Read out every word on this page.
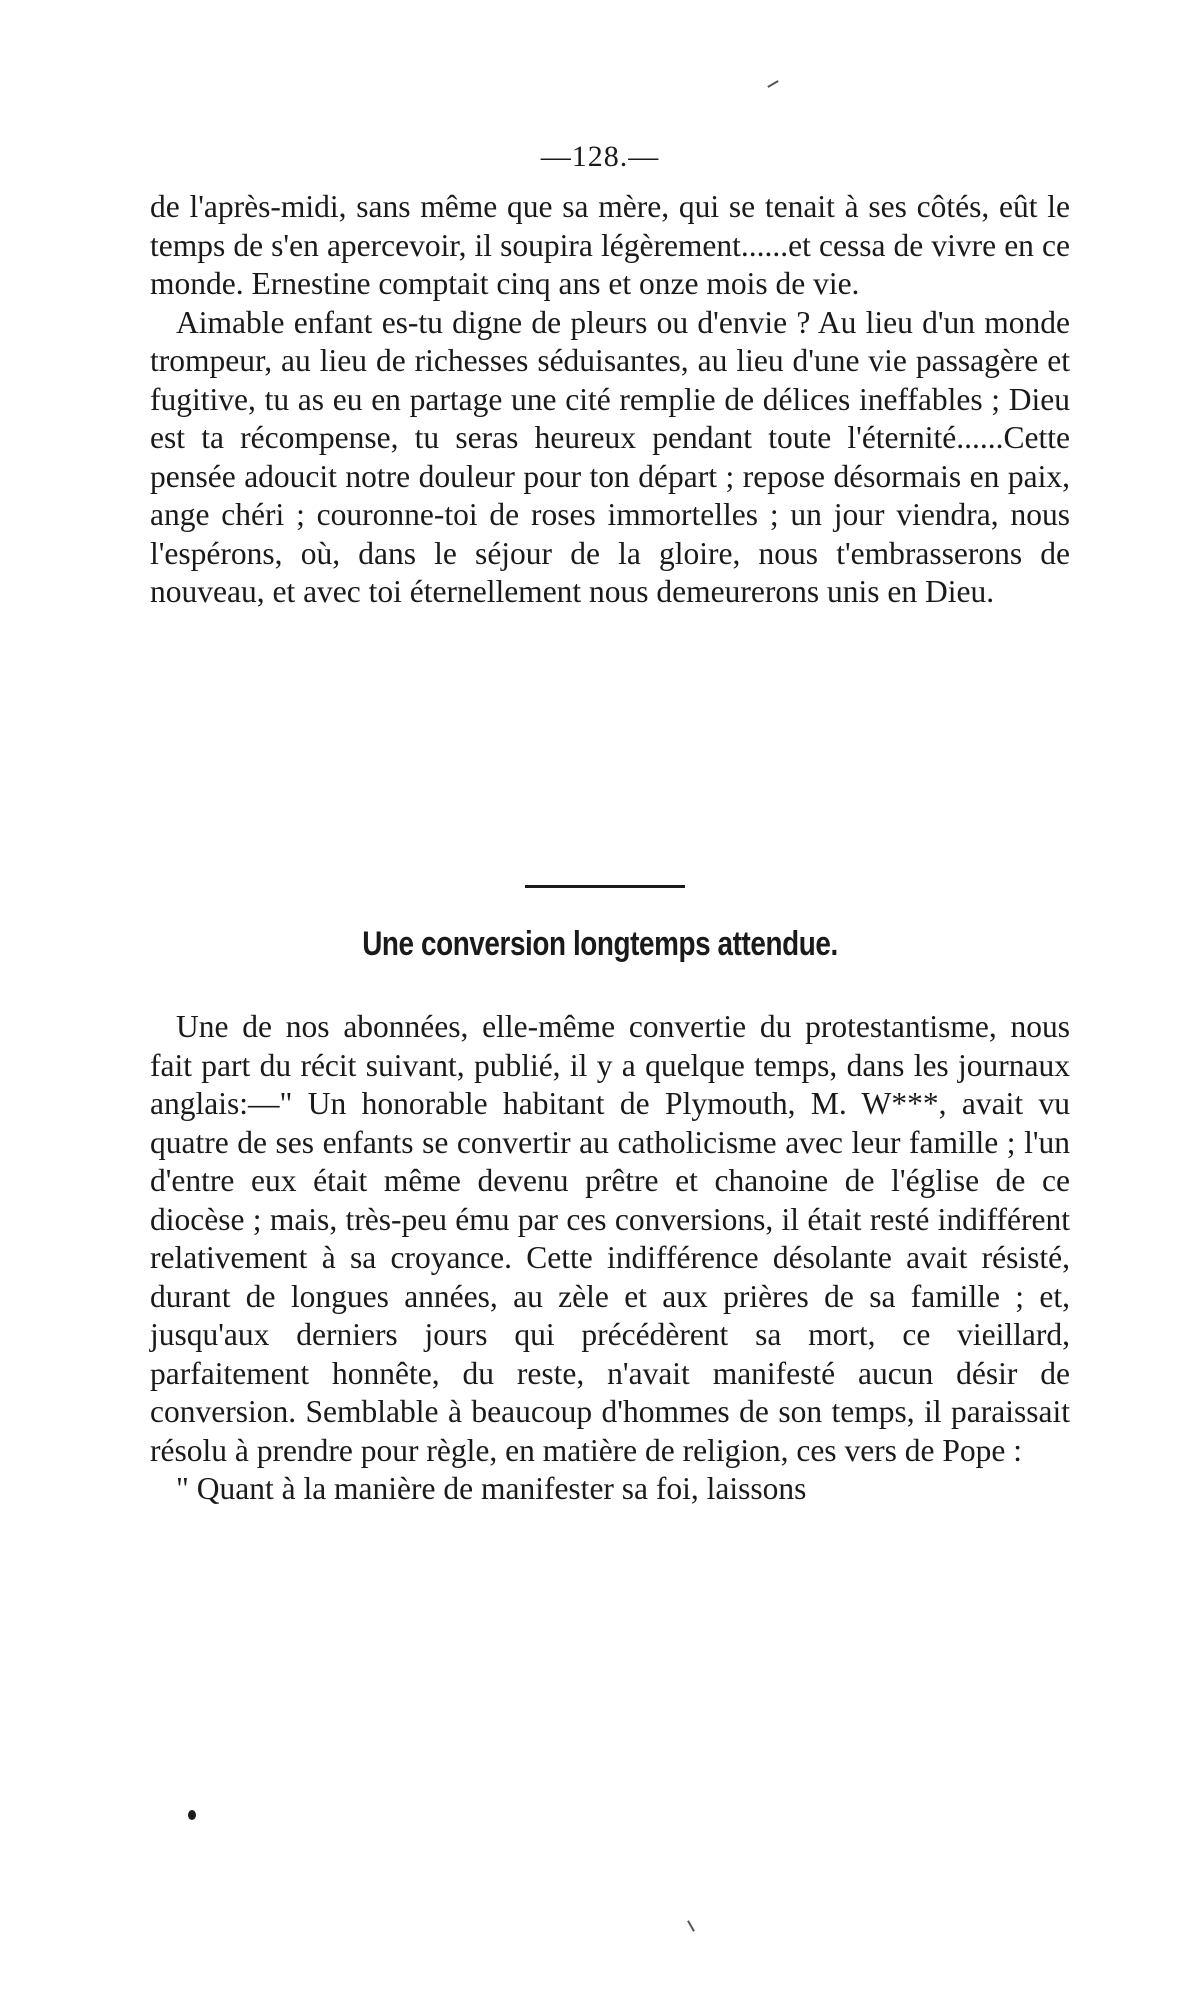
—128.—

de l'après-midi, sans même que sa mère, qui se tenait à ses côtés, eût le temps de s'en apercevoir, il soupira légèrement......et cessa de vivre en ce monde. Ernestine comptait cinq ans et onze mois de vie.

Aimable enfant es-tu digne de pleurs ou d'envie ? Au lieu d'un monde trompeur, au lieu de richesses séduisantes, au lieu d'une vie passagère et fugitive, tu as eu en partage une cité remplie de délices ineffables ; Dieu est ta récompense, tu seras heureux pendant toute l'éternité......Cette pensée adoucit notre douleur pour ton départ ; repose désormais en paix, ange chéri ; couronne-toi de roses immortelles ; un jour viendra, nous l'espérons, où, dans le séjour de la gloire, nous t'embrasserons de nouveau, et avec toi éternellement nous demeurerons unis en Dieu.

Une conversion longtemps attendue.

Une de nos abonnées, elle-même convertie du protestantisme, nous fait part du récit suivant, publié, il y a quelque temps, dans les journaux anglais:—" Un honorable habitant de Plymouth, M. W***, avait vu quatre de ses enfants se convertir au catholicisme avec leur famille ; l'un d'entre eux était même devenu prêtre et chanoine de l'église de ce diocèse ; mais, très-peu ému par ces conversions, il était resté indifférent relativement à sa croyance. Cette indifférence désolante avait résisté, durant de longues années, au zèle et aux prières de sa famille ; et, jusqu'aux derniers jours qui précédèrent sa mort, ce vieillard, parfaitement honnête, du reste, n'avait manifesté aucun désir de conversion. Semblable à beaucoup d'hommes de son temps, il paraissait résolu à prendre pour règle, en matière de religion, ces vers de Pope :

" Quant à la manière de manifester sa foi, laissons
